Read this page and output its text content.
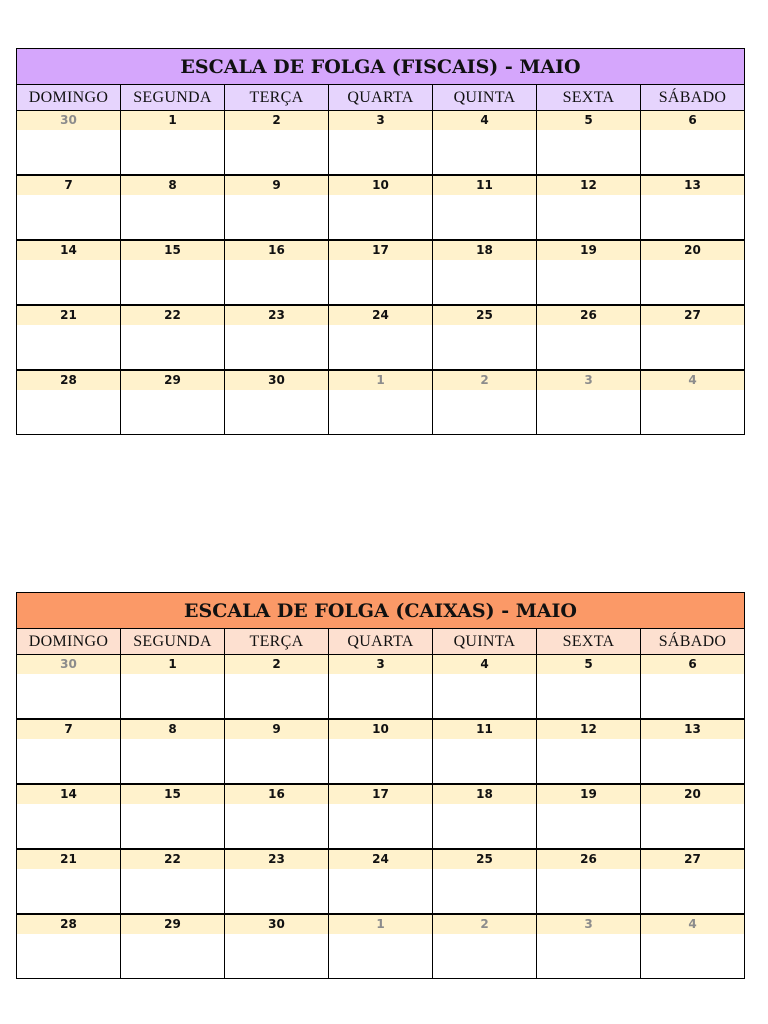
ESCALA DE FOLGA (FISCAIS) - MAIO						
DOMINGO	SEGUNDA	TERÇA	QUARTA	QUINTA	SEXTA	SÁBADO

30	1	2	3	4	5	6

7	8	9	10	11	12	13

14	15	16	17	18	19	20

21	22	23	24	25	26	27

28	29	30	1	2	3	4
ESCALA DE FOLGA (CAIXAS) - MAIO						
DOMINGO	SEGUNDA	TERÇA	QUARTA	QUINTA	SEXTA	SÁBADO

30	1	2	3	4	5	6

7	8	9	10	11	12	13

14	15	16	17	18	19	20

21	22	23	24	25	26	27

28	29	30	1	2	3	4
